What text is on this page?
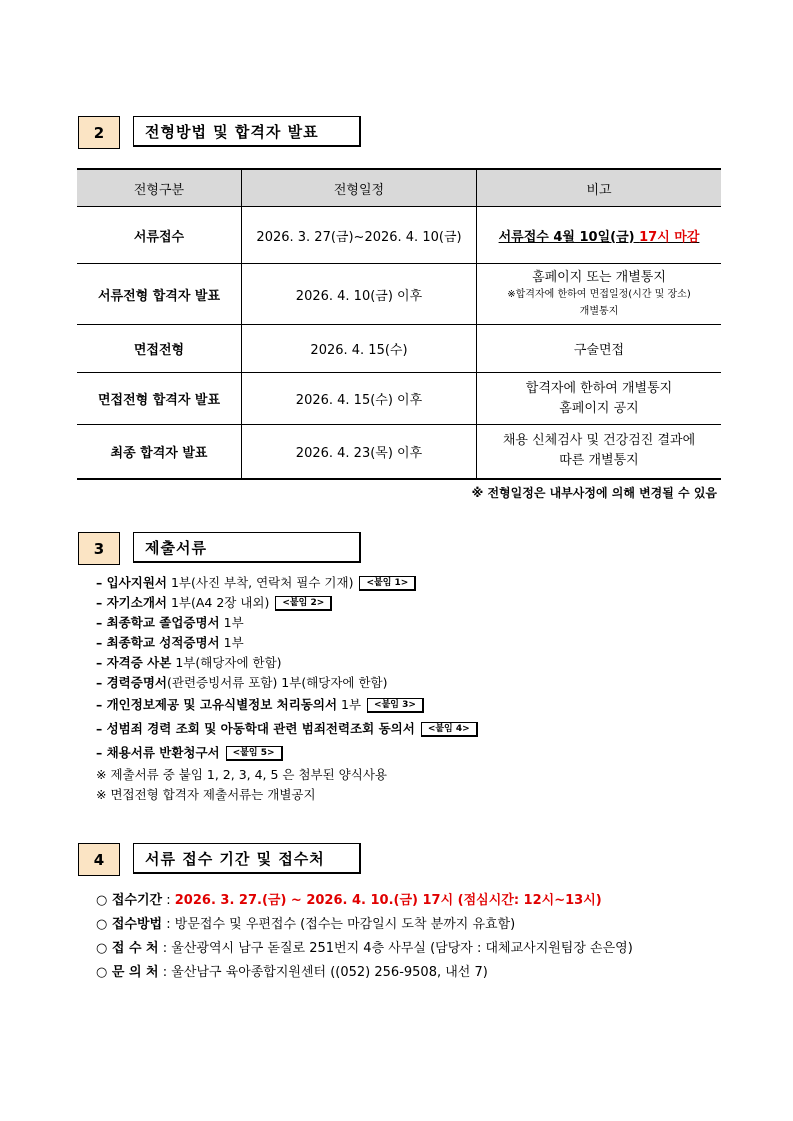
2	전형방법 및 합격자 발표
전형구분	전형일정	비고
서류접수	2026. 3. 27(금)~2026. 4. 10(금)	서류접수 4월 10일(금) 17시 마감
서류전형 합격자 발표	2026. 4. 10(금) 이후	홈페이지 또는 개별통지
※합격자에 한하여 면접일정(시간 및 장소)
개별통지

면접전형	2026. 4. 15(수)	구술면접
면접전형 합격자 발표	2026. 4. 15(수) 이후	합격자에 한하여 개별통지
홈페이지 공지

최종 합격자 발표	2026. 4. 23(목) 이후	채용 신체검사 및 건강검진 결과에
따른 개별통지
※ 전형일정은 내부사정에 의해 변경될 수 있음
3	제출서류
– 입사지원서 1부(사진 부착, 연락처 필수 기재) <붙임 1>
– 자기소개서 1부(A4 2장 내외) <붙임 2>
– 최종학교 졸업증명서 1부
– 최종학교 성적증명서 1부
– 자격증 사본 1부(해당자에 한함)
– 경력증명서(관련증빙서류 포함) 1부(해당자에 한함)
– 개인정보제공 및 고유식별정보 처리동의서 1부 <붙임 3>
– 성범죄 경력 조회 및 아동학대 관련 범죄전력조회 동의서 <붙임 4>
– 채용서류 반환청구서 <붙임 5>
※ 제출서류 중 붙임 1, 2, 3, 4, 5 은 첨부된 양식사용
※ 면접전형 합격자 제출서류는 개별공지
4	서류 접수 기간 및 접수처
○ 접수기간 : 2026. 3. 27.(금) ~ 2026. 4. 10.(금) 17시 (점심시간: 12시~13시)
○ 접수방법 : 방문접수 및 우편접수 (접수는 마감일시 도착 분까지 유효함)
○ 접 수 처 : 울산광역시 남구 돋질로 251번지 4층 사무실 (담당자 : 대체교사지원팀장 손은영)
○ 문 의 처 : 울산남구 육아종합지원센터 ((052) 256-9508, 내선 7)
